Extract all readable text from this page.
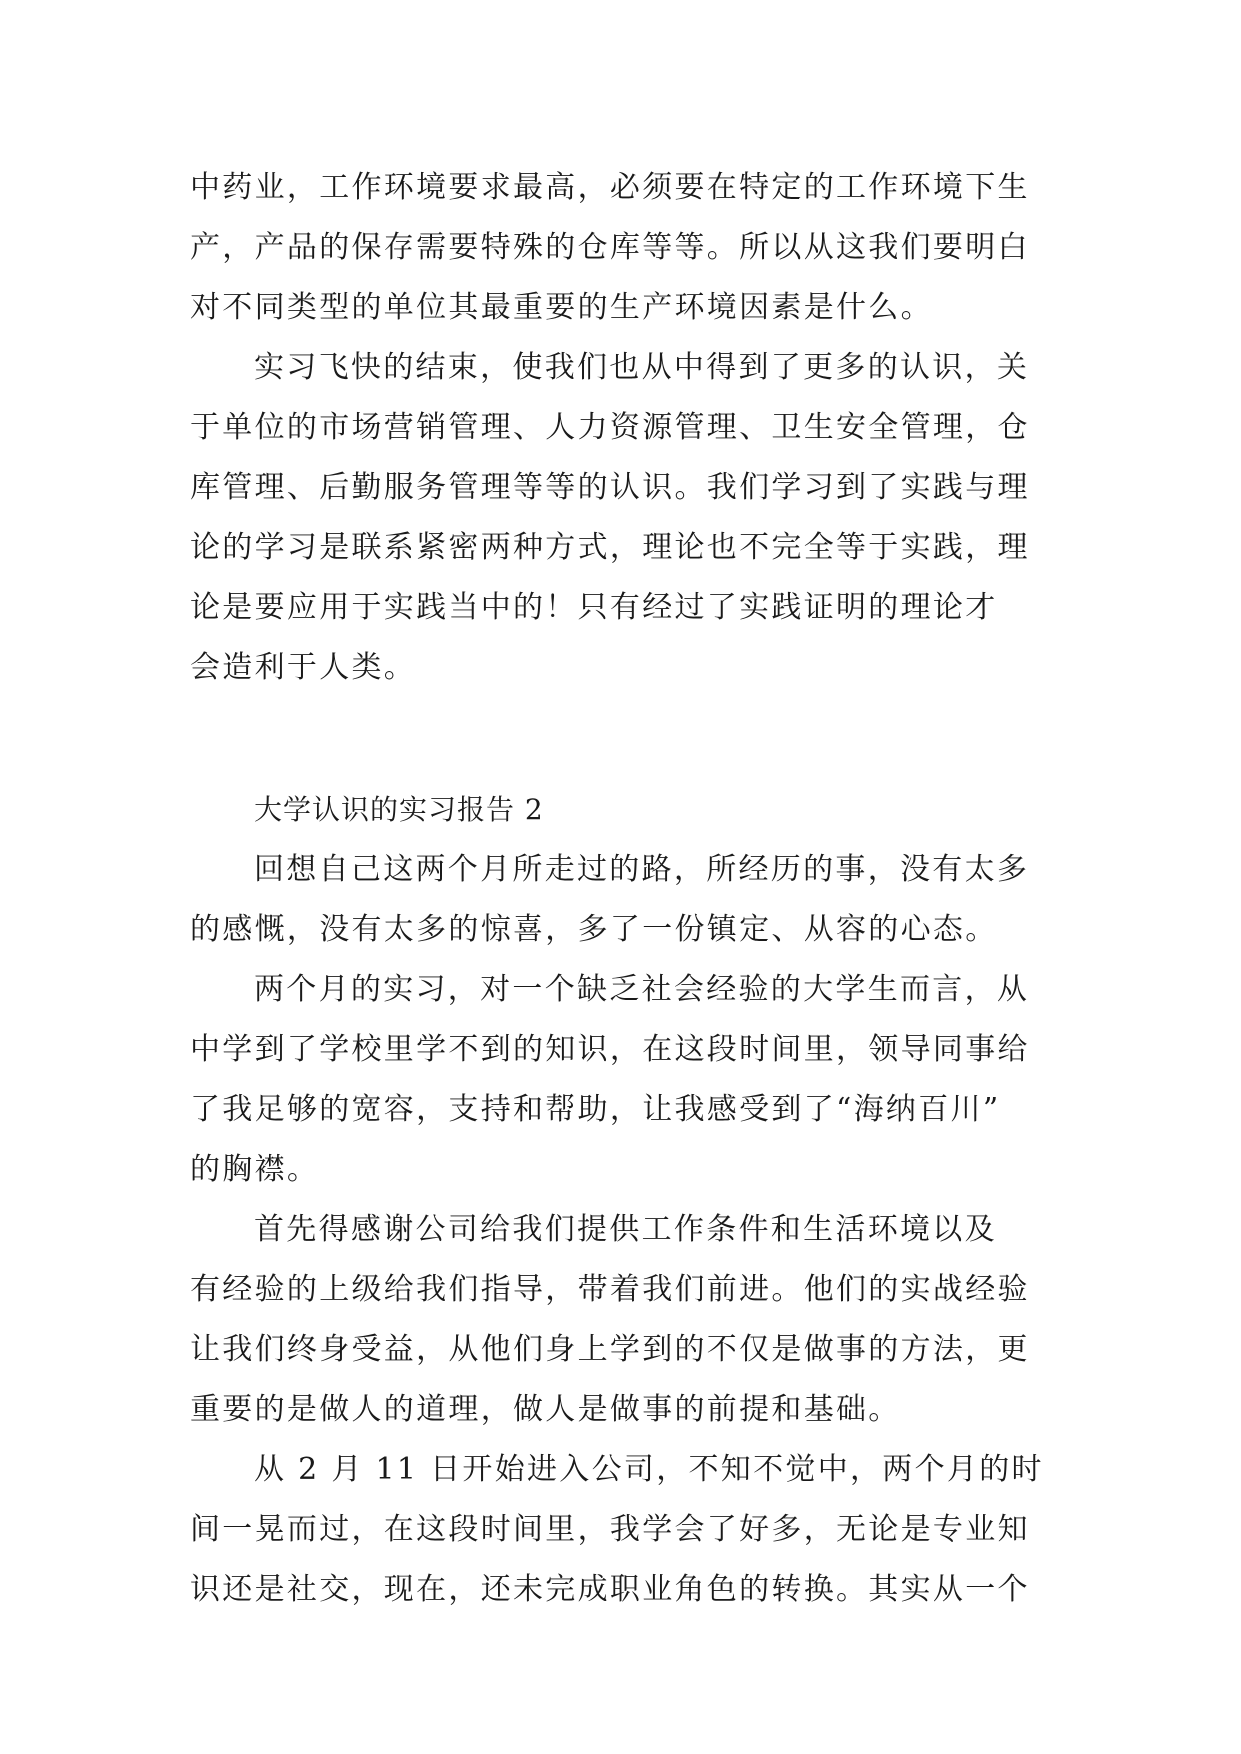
中药业，工作环境要求最高，必须要在特定的工作环境下生
产，产品的保存需要特殊的仓库等等。所以从这我们要明白
对不同类型的单位其最重要的生产环境因素是什么。
实习飞快的结束，使我们也从中得到了更多的认识，关
于单位的市场营销管理、人力资源管理、卫生安全管理，仓
库管理、后勤服务管理等等的认识。我们学习到了实践与理
论的学习是联系紧密两种方式，理论也不完全等于实践，理
论是要应用于实践当中的！只有经过了实践证明的理论才
会造利于人类。
大学认识的实习报告 2
回想自己这两个月所走过的路，所经历的事，没有太多
的感慨，没有太多的惊喜，多了一份镇定、从容的心态。
两个月的实习，对一个缺乏社会经验的大学生而言，从
中学到了学校里学不到的知识，在这段时间里，领导同事给
了我足够的宽容，支持和帮助，让我感受到了“海纳百川”
的胸襟。
首先得感谢公司给我们提供工作条件和生活环境以及
有经验的上级给我们指导，带着我们前进。他们的实战经验
让我们终身受益，从他们身上学到的不仅是做事的方法，更
重要的是做人的道理，做人是做事的前提和基础。
从 2 月 11 日开始进入公司，不知不觉中，两个月的时
间一晃而过，在这段时间里，我学会了好多，无论是专业知
识还是社交，现在，还未完成职业角色的转换。其实从一个
